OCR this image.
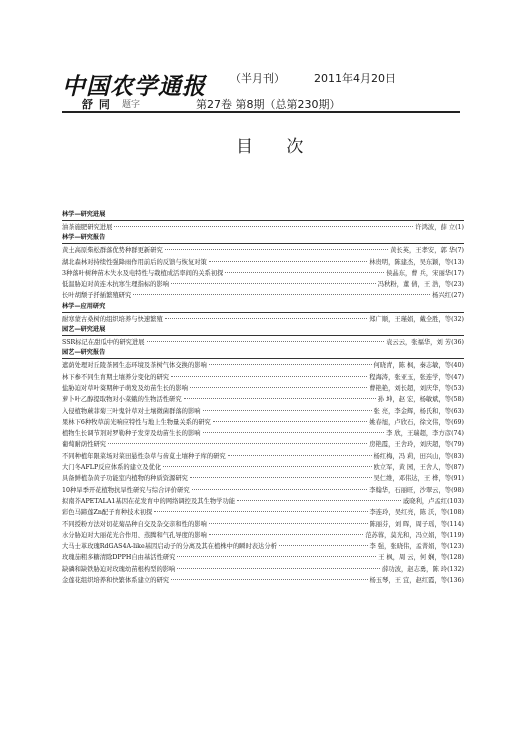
中国农学通报 （半月刊）	2011年4月20日
舒 同 题字	第27卷 第8期（总第230期）
目 次
林学—研究进展
油茶施肥研究进展	许鸿波，薛 立(1)
林学—研究报告
黄土高原柴松群落优势种群更新研究	黄长英，王孝安，郭 华(7)
湖北森林对持续性强降雨作用前后的反馈与恢复对策	林贵明，陈建杰，吴东颖，等(13)
3种落叶树种苗木失水及电特性与栽植成活率间的关系初探	侯晶东，曹 兵，宋丽华(17)
低温胁迫对黄连木抗寒生理指标的影响	冯秋粉，董 倩，王 浩，等(23)
长叶胡颓子扦插繁殖研究	杨兴红(27)
林学—应用研究
耐寒蒙古桑树的组织培养与快速繁殖	郑广顺，王瑾娟，戴全胜，等(32)
园艺—研究进展
SSR标记在甜瓜中的研究进展	袁云云，张福华，刘 芳(36)
园艺—研究报告
遮荫处理对丘陵茶园生态环境及茶树气体交换的影响	何晓青，陈 枫，秦志敏，等(40)
林下参不同生育期土壤养分变化的研究	程海涛，张亚玉，张连学，等(47)
盐胁迫对草叶葵期种子萌发及幼苗生长的影响	曹艳艳，刘长超，刘庆华，等(53)
萝卜叶乙醇提取物对小菜蛾的生物活性研究	孙 坤，赵 宏，杨敏斌，等(58)
入侵植物蕨菲菊三叶鬼针草对土壤微菌群落的影响	张 亮，李金辉，杨氏和，等(63)
果林下6种牧草前光响应特性与地上生物量关系的研究	姚春旭，卢欣石，徐文伟，等(69)
植物生长调节剂对罗勒种子发芽及幼苗生长的影响	李 欣，王瑞超，李方彦(74)
葡萄耐荫性研究	房艳霞，王舍玲，刘庆超，等(79)
不同种植年限菜场对菜田悬性杂草与齿莧土壤种子库的研究	杨红梅，冯 莉，田兴山，等(83)
大门冬AFLP反应体系的建立及优化	欧立军，黄 园，王舍人，等(87)
具备鲜植杂黄子功能室内植物的种质资源研究	吴仁维，邓伟达，王 桦，等(91)
10种旱季开花植物抗旱性研究与综合评价研究	李翰华，石丽旺，沙翠云，等(98)
拟南芥APETALA1基因在花发育中的网络调控及其生物学功能	戚晓利，卢孟红(103)
彩色马蹄莲Zn配子育种技术初探	李连玲，吴红亮，陈 沃，等(108)
不同授粉方法对切花菊品种自交及杂交亲和性的影响	陈丽芬，刘 晖，周子瑶，等(114)
水分胁迫对大丽花光合作用、蒸腾和气孔导度的影响	范苏蓉，莫光和，冯立娟，等(119)
大马士革玫瑰RdGAS4A-like基因启动子的分离及其在植株中的瞬时表达分析	李 强，张晓伟，孟菁娟，等(123)
玫瑰茄粗多糖清除DPPH自由基活性研究	王 枫，周 云，何 娴，等(128)
缺磷和缺铁胁迫对玫瑰幼苗根构型的影响	薛功波，赵志勇，陈 玲(132)
金莲花组织培养和快繁体系建立的研究	杨玉琴，王 宜，赵红霞，等(136)
